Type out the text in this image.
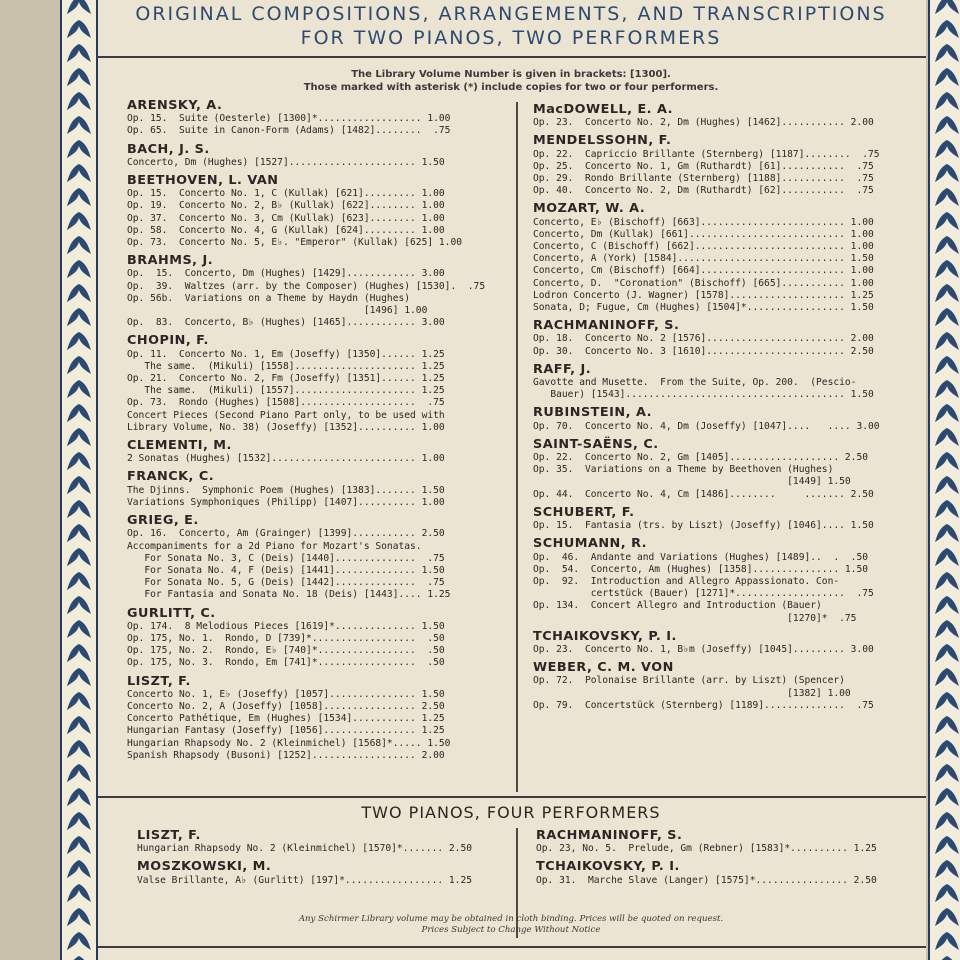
ORIGINAL COMPOSITIONS, ARRANGEMENTS, AND TRANSCRIPTIONS
FOR TWO PIANOS, TWO PERFORMERS
The Library Volume Number is given in brackets: [1300].
Those marked with asterisk (*) include copies for two or four performers.
ARENSKY, A.
Op. 15.  Suite (Oesterle) [1300]*.................. 1.00
Op. 65.  Suite in Canon-Form (Adams) [1482]........  .75
BACH, J. S.
Concerto, Dm (Hughes) [1527]...................... 1.50
BEETHOVEN, L. VAN
Op. 15.  Concerto No. 1, C (Kullak) [621]......... 1.00
Op. 19.  Concerto No. 2, B♭ (Kullak) [622]........ 1.00
Op. 37.  Concerto No. 3, Cm (Kullak) [623]........ 1.00
Op. 58.  Concerto No. 4, G (Kullak) [624]......... 1.00
Op. 73.  Concerto No. 5, E♭. "Emperor" (Kullak) [625] 1.00
BRAHMS, J.
Op.  15.  Concerto, Dm (Hughes) [1429]............ 3.00
Op.  39.  Waltzes (arr. by the Composer) (Hughes) [1530].  .75
Op. 56b.  Variations on a Theme by Haydn (Hughes)
[1496] 1.00
Op.  83.  Concerto, B♭ (Hughes) [1465]............ 3.00
CHOPIN, F.
Op. 11.  Concerto No. 1, Em (Joseffy) [1350]...... 1.25
The same.  (Mikuli) [1558]..................... 1.25
Op. 21.  Concerto No. 2, Fm (Joseffy) [1351]...... 1.25
The same.  (Mikuli) [1557]..................... 1.25
Op. 73.  Rondo (Hughes) [1508]....................  .75
Concert Pieces (Second Piano Part only, to be used with
Library Volume, No. 38) (Joseffy) [1352].......... 1.00
CLEMENTI, M.
2 Sonatas (Hughes) [1532]......................... 1.00
FRANCK, C.
The Djinns.  Symphonic Poem (Hughes) [1383]....... 1.50
Variations Symphoniques (Philipp) [1407].......... 1.00
GRIEG, E.
Op. 16.  Concerto, Am (Grainger) [1399]........... 2.50
Accompaniments for a 2d Piano for Mozart's Sonatas.
For Sonata No. 3, C (Deis) [1440]..............  .75
For Sonata No. 4, F (Deis) [1441].............. 1.50
For Sonata No. 5, G (Deis) [1442]..............  .75
For Fantasia and Sonata No. 18 (Deis) [1443].... 1.25
GURLITT, C.
Op. 174.  8 Melodious Pieces [1619]*.............. 1.50
Op. 175, No. 1.  Rondo, D [739]*..................  .50
Op. 175, No. 2.  Rondo, E♭ [740]*.................  .50
Op. 175, No. 3.  Rondo, Em [741]*.................  .50
LISZT, F.
Concerto No. 1, E♭ (Joseffy) [1057]............... 1.50
Concerto No. 2, A (Joseffy) [1058]................ 2.50
Concerto Pathétique, Em (Hughes) [1534]........... 1.25
Hungarian Fantasy (Joseffy) [1056]................ 1.25
Hungarian Rhapsody No. 2 (Kleinmichel) [1568]*..... 1.50
Spanish Rhapsody (Busoni) [1252].................. 2.00
MacDOWELL, E. A.
Op. 23.  Concerto No. 2, Dm (Hughes) [1462]........... 2.00
MENDELSSOHN, F.
Op. 22.  Capriccio Brillante (Sternberg) [1187]........  .75
Op. 25.  Concerto No. 1, Gm (Ruthardt) [61]...........  .75
Op. 29.  Rondo Brillante (Sternberg) [1188]...........  .75
Op. 40.  Concerto No. 2, Dm (Ruthardt) [62]...........  .75
MOZART, W. A.
Concerto, E♭ (Bischoff) [663]......................... 1.00
Concerto, Dm (Kullak) [661]........................... 1.00
Concerto, C (Bischoff) [662].......................... 1.00
Concerto, A (York) [1584]............................. 1.50
Concerto, Cm (Bischoff) [664]......................... 1.00
Concerto, D.  "Coronation" (Bischoff) [665]........... 1.00
Lodron Concerto (J. Wagner) [1578].................... 1.25
Sonata, D; Fugue, Cm (Hughes) [1504]*................. 1.50
RACHMANINOFF, S.
Op. 18.  Concerto No. 2 [1576]........................ 2.00
Op. 30.  Concerto No. 3 [1610]........................ 2.50
RAFF, J.
Gavotte and Musette.  From the Suite, Op. 200.  (Pescio-
Bauer) [1543]...................................... 1.50
RUBINSTEIN, A.
Op. 70.  Concerto No. 4, Dm (Joseffy) [1047]....   .... 3.00
SAINT-SAËNS, C.
Op. 22.  Concerto No. 2, Gm [1405]................... 2.50
Op. 35.  Variations on a Theme by Beethoven (Hughes)
[1449] 1.50
Op. 44.  Concerto No. 4, Cm [1486]........     ....... 2.50
SCHUBERT, F.
Op. 15.  Fantasia (trs. by Liszt) (Joseffy) [1046].... 1.50
SCHUMANN, R.
Op.  46.  Andante and Variations (Hughes) [1489]..  .  .50
Op.  54.  Concerto, Am (Hughes) [1358]............... 1.50
Op.  92.  Introduction and Allegro Appassionato. Con-
certstück (Bauer) [1271]*...................  .75
Op. 134.  Concert Allegro and Introduction (Bauer)
[1270]*  .75
TCHAIKOVSKY, P. I.
Op. 23.  Concerto No. 1, B♭m (Joseffy) [1045]......... 3.00
WEBER, C. M. VON
Op. 72.  Polonaise Brillante (arr. by Liszt) (Spencer)
[1382] 1.00
Op. 79.  Concertstück (Sternberg) [1189]..............  .75
TWO PIANOS, FOUR PERFORMERS
LISZT, F.
Hungarian Rhapsody No. 2 (Kleinmichel) [1570]*....... 2.50
MOSZKOWSKI, M.
Valse Brillante, A♭ (Gurlitt) [197]*................. 1.25
RACHMANINOFF, S.
Op. 23, No. 5.  Prelude, Gm (Rebner) [1583]*.......... 1.25
TCHAIKOVSKY, P. I.
Op. 31.  Marche Slave (Langer) [1575]*................ 2.50
Any Schirmer Library volume may be obtained in cloth binding. Prices will be quoted on request.
Prices Subject to Change Without Notice
